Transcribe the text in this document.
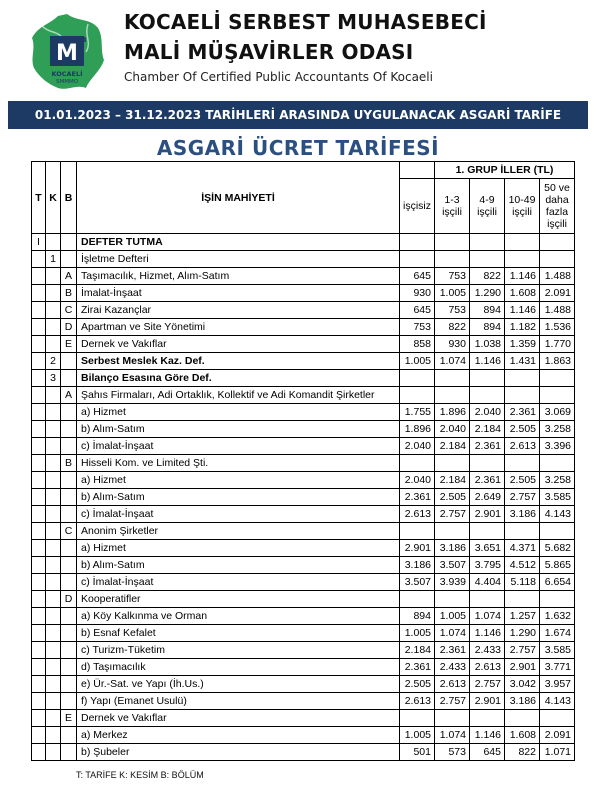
M
m
KOCAELİ
SMMMO
KOCAELİ SERBEST MUHASEBECİ
MALİ MÜŞAVİRLER ODASI
Chamber Of Certified Public Accountants Of Kocaeli
01.01.2023 – 31.12.2023 TARİHLERİ ARASINDA UYGULANACAK ASGARİ TARİFE
ASGARİ ÜCRET TARİFESİ
T	K	B	İŞİN MAHİYETİ		1. GRUP İLLER (TL)			
				işçisiz	1-3 işçili	4-9 işçili	10-49 işçili	50 ve daha fazla işçili
I			DEFTER TUTMA					
	1		İşletme Defteri					
		A	Taşımacılık, Hizmet, Alım-Satım	645	753	822	1.146	1.488
		B	İmalat-İnşaat	930	1.005	1.290	1.608	2.091
		C	Zirai Kazançlar	645	753	894	1.146	1.488
		D	Apartman ve Site Yönetimi	753	822	894	1.182	1.536
		E	Dernek ve Vakıflar	858	930	1.038	1.359	1.770
	2		Serbest Meslek Kaz. Def.	1.005	1.074	1.146	1.431	1.863
	3		Bilanço Esasına Göre Def.					
		A	Şahıs Firmaları, Adi Ortaklık, Kollektif ve Adi Komandit Şirketler					
			a) Hizmet	1.755	1.896	2.040	2.361	3.069
			b) Alım-Satım	1.896	2.040	2.184	2.505	3.258
			c) İmalat-İnşaat	2.040	2.184	2.361	2.613	3.396
		B	Hisseli Kom. ve Limited Şti.					
			a) Hizmet	2.040	2.184	2.361	2.505	3.258
			b) Alım-Satım	2.361	2.505	2.649	2.757	3.585
			c) İmalat-İnşaat	2.613	2.757	2.901	3.186	4.143
		C	Anonim Şirketler					
			a) Hizmet	2.901	3.186	3.651	4.371	5.682
			b) Alım-Satım	3.186	3.507	3.795	4.512	5.865
			c) İmalat-İnşaat	3.507	3.939	4.404	5.118	6.654
		D	Kooperatifler					
			a) Köy Kalkınma ve Orman	894	1.005	1.074	1.257	1.632
			b) Esnaf Kefalet	1.005	1.074	1.146	1.290	1.674
			c) Turizm-Tüketim	2.184	2.361	2.433	2.757	3.585
			d) Taşımacılık	2.361	2.433	2.613	2.901	3.771
			e) Ür.-Sat. ve Yapı (İh.Us.)	2.505	2.613	2.757	3.042	3.957
			f) Yapı (Emanet Usulü)	2.613	2.757	2.901	3.186	4.143
		E	Dernek ve Vakıflar					
			a) Merkez	1.005	1.074	1.146	1.608	2.091
			b) Şubeler	501	573	645	822	1.071
T: TARİFE K: KESİM B: BÖLÜM
